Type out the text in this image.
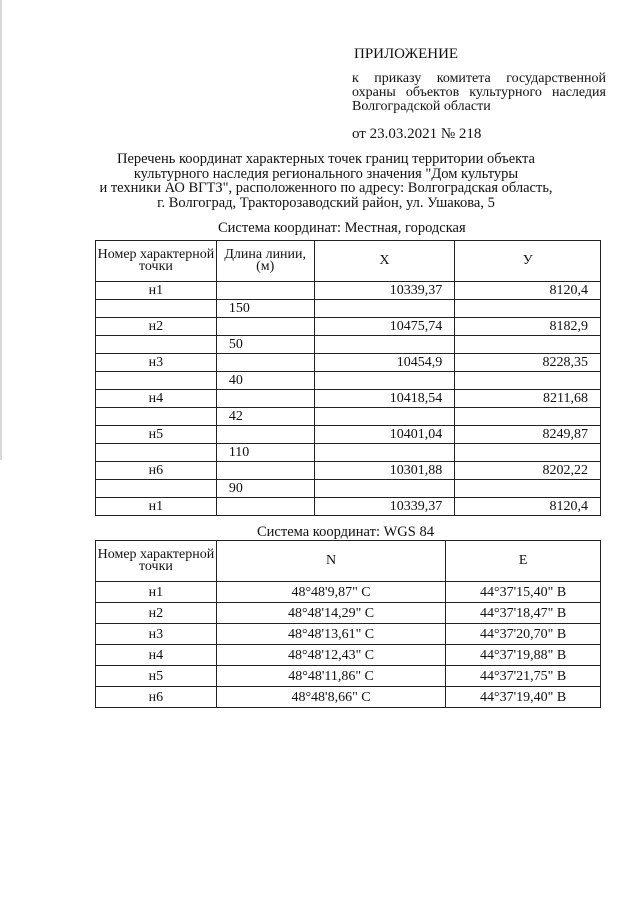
ПРИЛОЖЕНИЕ
к приказу комитета государственной охраны объектов культурного наследия Волгоградской области
от 23.03.2021 № 218
Перечень координат характерных точек границ территории объекта
культурного наследия регионального значения "Дом культуры
и техники АО ВГТЗ", расположенного по адресу: Волгоградская область,
г. Волгоград, Тракторозаводский район, ул. Ушакова, 5
Система координат: Местная, городская
Номер характерной точки	Длина линии, (м)	X	У
н1		10339,37	8120,4
	150		
н2		10475,74	8182,9
	50		
н3		10454,9	8228,35
	40		
н4		10418,54	8211,68
	42		
н5		10401,04	8249,87
	110		
н6		10301,88	8202,22
	90		
н1		10339,37	8120,4
Система координат: WGS 84
Номер характерной точки	N	E
н1	48°48'9,87" С	44°37'15,40" В
н2	48°48'14,29" С	44°37'18,47" В
н3	48°48'13,61" С	44°37'20,70" В
н4	48°48'12,43" С	44°37'19,88" В
н5	48°48'11,86" С	44°37'21,75" В
н6	48°48'8,66" С	44°37'19,40" В
